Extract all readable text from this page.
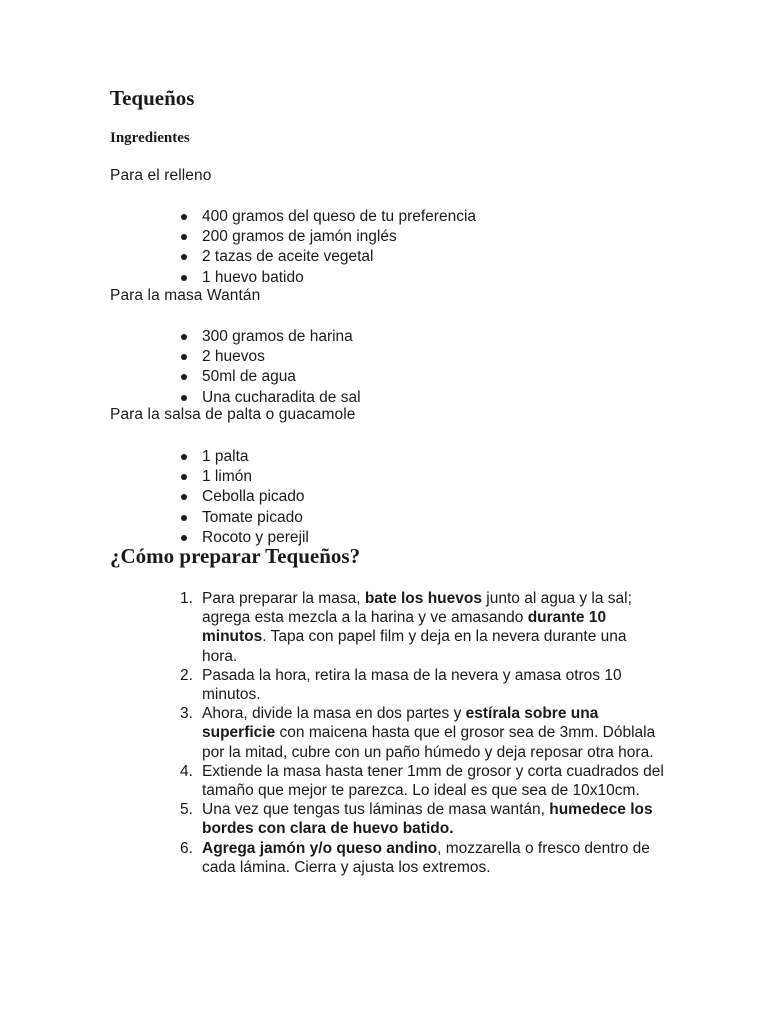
Tequeños
Ingredientes

Para el relleno

400 gramos del queso de tu preferencia
200 gramos de jamón inglés
2 tazas de aceite vegetal
1 huevo batido

Para la masa Wantán

300 gramos de harina
2 huevos
50ml de agua
Una cucharadita de sal

Para la salsa de palta o guacamole

1 palta
1 limón
Cebolla picado
Tomate picado
Rocoto y perejil
¿Cómo preparar Tequeños?
1. Para preparar la masa, bate los huevos junto al agua y la sal; agrega esta mezcla a la harina y ve amasando durante 10 minutos. Tapa con papel film y deja en la nevera durante una hora.
2. Pasada la hora, retira la masa de la nevera y amasa otros 10 minutos.
3. Ahora, divide la masa en dos partes y estírala sobre una superficie con maicena hasta que el grosor sea de 3mm. Dóblala por la mitad, cubre con un paño húmedo y deja reposar otra hora.
4. Extiende la masa hasta tener 1mm de grosor y corta cuadrados del tamaño que mejor te parezca. Lo ideal es que sea de 10x10cm.
5. Una vez que tengas tus láminas de masa wantán, humedece los bordes con clara de huevo batido.
6. Agrega jamón y/o queso andino, mozzarella o fresco dentro de cada lámina. Cierra y ajusta los extremos.
